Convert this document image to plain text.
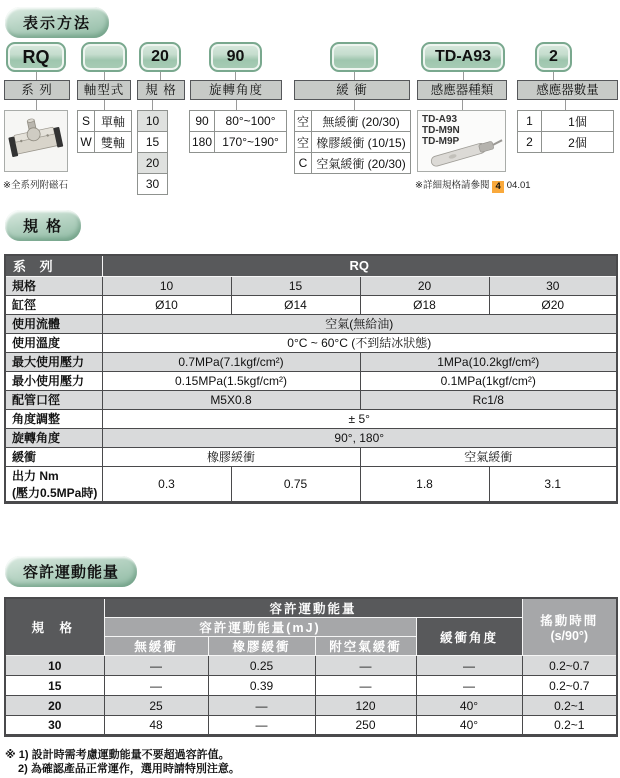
表示方法
RQ	20	90	TD-A93	2
系 列	軸型式	規 格	旋轉角度	緩 衝	感應器種類	感應器數量
※全系列附磁石
S	單軸
W	雙軸
10
15
20
30
90	80°~100°
180	170°~190°
空	無緩衝 (20/30)
空	橡膠緩衝 (10/15)
C	空氣緩衝 (20/30)
TD-A93
TD-M9N
TD-M9P
※詳細規格請參閱 4 04.01
1	1個
2	2個
規 格
系 列	RQ			
規格	10	15	20	30
缸徑	Ø10	Ø14	Ø18	Ø20
使用流體	空氣(無給油)			
使用溫度	0°C ~ 60°C (不到結冰狀態)			
最大使用壓力	0.7MPa(7.1kgf/cm²)		1MPa(10.2kgf/cm²)	
最小使用壓力	0.15MPa(1.5kgf/cm²)		0.1MPa(1kgf/cm²)	
配管口徑	M5X0.8		Rc1/8	
角度調整	± 5°			
旋轉角度	90°, 180°			
緩衝	橡膠緩衝		空氣緩衝	

出力 Nm
(壓力0.5MPa時)	0.3	0.75	1.8	3.1
容許運動能量
規 格	容許運動能量				搖動時間
(s/90°)

	容許運動能量(mJ)			緩衝角度	
	無緩衝	橡膠緩衝	附空氣緩衝		
10	—	0.25	—	—	0.2~0.7
15	—	0.39	—	—	0.2~0.7
20	25	—	120	40°	0.2~1
30	48	—	250	40°	0.2~1
※ 1) 設計時需考慮運動能量不要超過容許值。
2) 為確認產品正常運作，選用時請特別注意。
